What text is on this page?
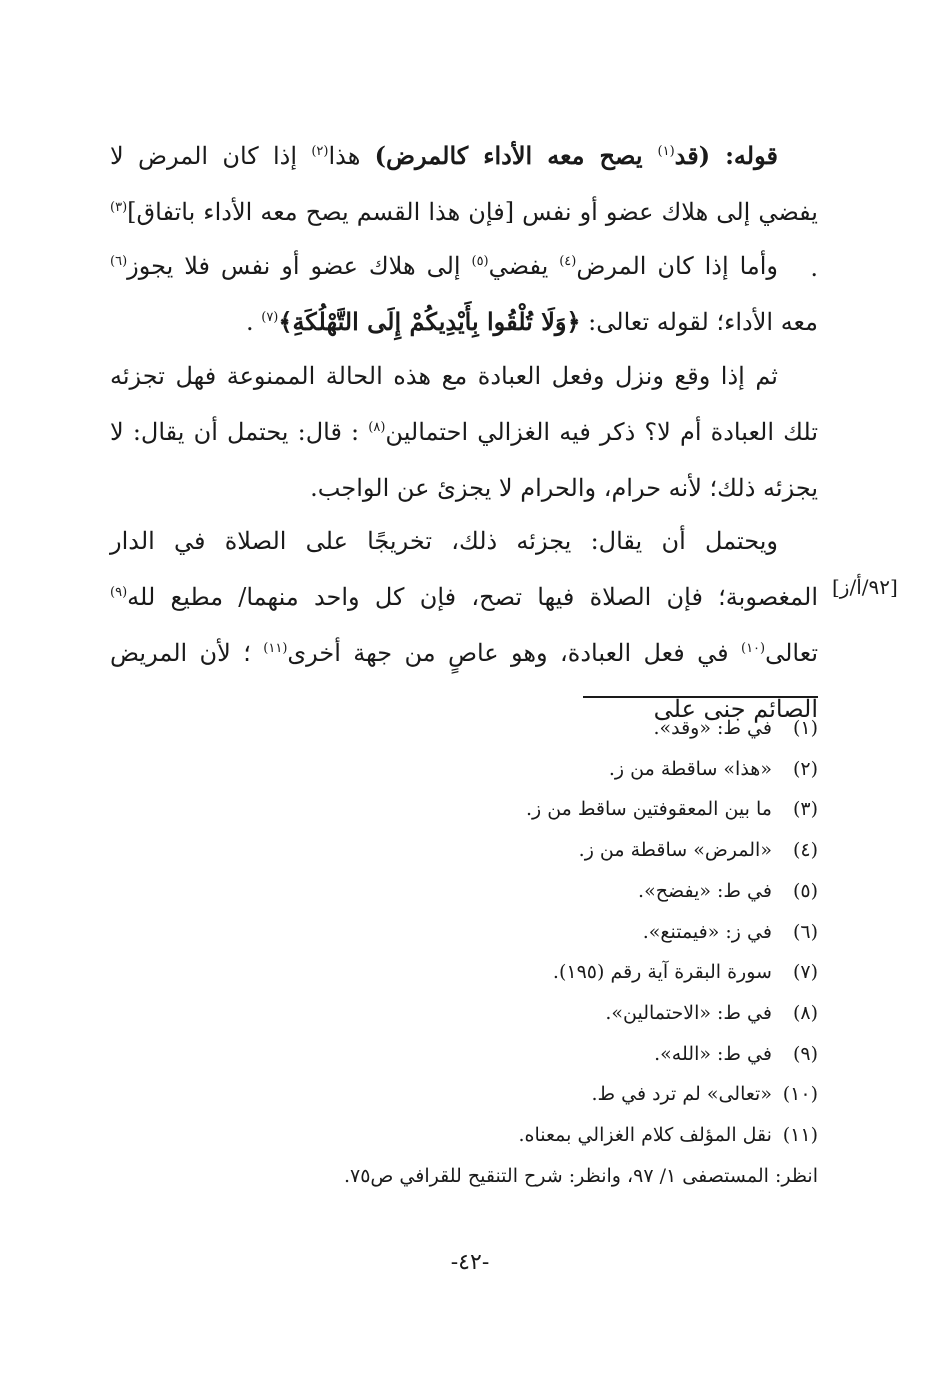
قوله: (قد$^{(١)}$ يصح معه الأداء كالمرض) هذا$^{(٢)}$ إذا كان المرض لا يفضي إلى هلاك عضو أو نفس [فإن هذا القسم يصح معه الأداء باتفاق]$^{(٣)}$ .

وأما إذا كان المرض$^{(٤)}$ يفضي$^{(٥)}$ إلى هلاك عضو أو نفس فلا يجوز$^{(٦)}$ معه الأداء؛ لقوله تعالى: ﴿وَلَا تُلْقُوا بِأَيْدِيكُمْ إِلَى التَّهْلُكَةِ﴾$^{(٧)}$ .

ثم إذا وقع ونزل وفعل العبادة مع هذه الحالة الممنوعة فهل تجزئه تلك العبادة أم لا؟ ذكر فيه الغزالي احتمالين$^{(٨)}$ : قال: يحتمل أن يقال: لا يجزئه ذلك؛ لأنه حرام، والحرام لا يجزئ عن الواجب.

ويحتمل أن يقال: يجزئه ذلك، تخريجًا على الصلاة في الدار المغصوبة؛ فإن الصلاة فيها تصح، فإن كل واحد منهما/ مطيع لله$^{(٩)}$ تعالى$^{(١٠)}$ في فعل العبادة، وهو عاصٍ من جهة أخرى$^{(١١)}$ ؛ لأن المريض الصائم جنى على

[٩٢/أ/ز]
(١) في ط: «وقد».
(٢) «هذا» ساقطة من ز.
(٣) ما بين المعقوفتين ساقط من ز.
(٤) «المرض» ساقطة من ز.
(٥) في ط: «يفضح».
(٦) في ز: «فيمتنع».
(٧) سورة البقرة آية رقم (١٩٥).
(٨) في ط: «الاحتمالين».
(٩) في ط: «الله».
(١٠) «تعالى» لم ترد في ط.
(١١) نقل المؤلف كلام الغزالي بمعناه.
انظر: المستصفى ١/ ٩٧، وانظر: شرح التنقيح للقرافي ص٧٥.
-٤٢-
